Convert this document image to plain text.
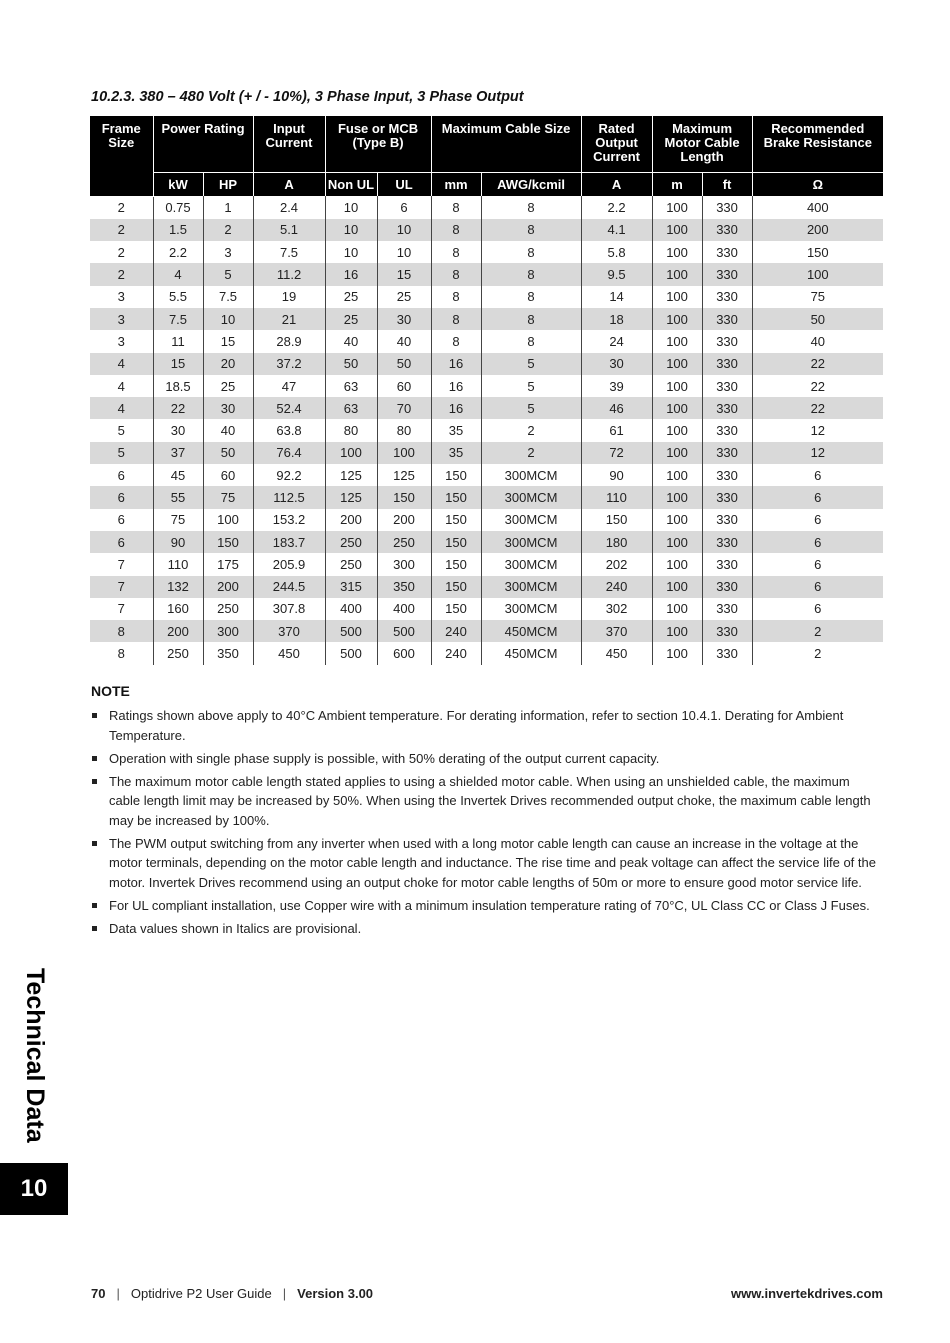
10.2.3. 380 – 480 Volt (+ / - 10%), 3 Phase Input, 3 Phase Output
Frame Size	Power Rating		Input Current	Fuse or MCB (Type B)		Maximum Cable Size		Rated Output Current	Maximum Motor Cable Length		Recommended Brake Resistance
	kW	HP	A	Non UL	UL	mm	AWG/kcmil	A	m	ft	Ω
2	0.75	1	2.4	10	6	8	8	2.2	100	330	400
2	1.5	2	5.1	10	10	8	8	4.1	100	330	200
2	2.2	3	7.5	10	10	8	8	5.8	100	330	150
2	4	5	11.2	16	15	8	8	9.5	100	330	100
3	5.5	7.5	19	25	25	8	8	14	100	330	75
3	7.5	10	21	25	30	8	8	18	100	330	50
3	11	15	28.9	40	40	8	8	24	100	330	40
4	15	20	37.2	50	50	16	5	30	100	330	22
4	18.5	25	47	63	60	16	5	39	100	330	22
4	22	30	52.4	63	70	16	5	46	100	330	22
5	30	40	63.8	80	80	35	2	61	100	330	12
5	37	50	76.4	100	100	35	2	72	100	330	12
6	45	60	92.2	125	125	150	300MCM	90	100	330	6
6	55	75	112.5	125	150	150	300MCM	110	100	330	6
6	75	100	153.2	200	200	150	300MCM	150	100	330	6
6	90	150	183.7	250	250	150	300MCM	180	100	330	6
7	110	175	205.9	250	300	150	300MCM	202	100	330	6
7	132	200	244.5	315	350	150	300MCM	240	100	330	6
7	160	250	307.8	400	400	150	300MCM	302	100	330	6
8	200	300	370	500	500	240	450MCM	370	100	330	2
8	250	350	450	500	600	240	450MCM	450	100	330	2
NOTE
Ratings shown above apply to 40°C Ambient temperature. For derating information, refer to section 10.4.1. Derating for Ambient Temperature.
Operation with single phase supply is possible, with 50% derating of the output current capacity.
The maximum motor cable length stated applies to using a shielded motor cable. When using an unshielded cable, the maximum cable length limit may be increased by 50%. When using the Invertek Drives recommended output choke, the maximum cable length may be increased by 100%.
The PWM output switching from any inverter when used with a long motor cable length can cause an increase in the voltage at the motor terminals, depending on the motor cable length and inductance. The rise time and peak voltage can affect the service life of the motor. Invertek Drives recommend using an output choke for motor cable lengths of 50m or more to ensure good motor service life.
For UL compliant installation, use Copper wire with a minimum insulation temperature rating of 70°C, UL Class CC or Class J Fuses.
Data values shown in Italics are provisional.
Technical Data
10
70 | Optidrive P2 User Guide | Version 3.00	www.invertekdrives.com
